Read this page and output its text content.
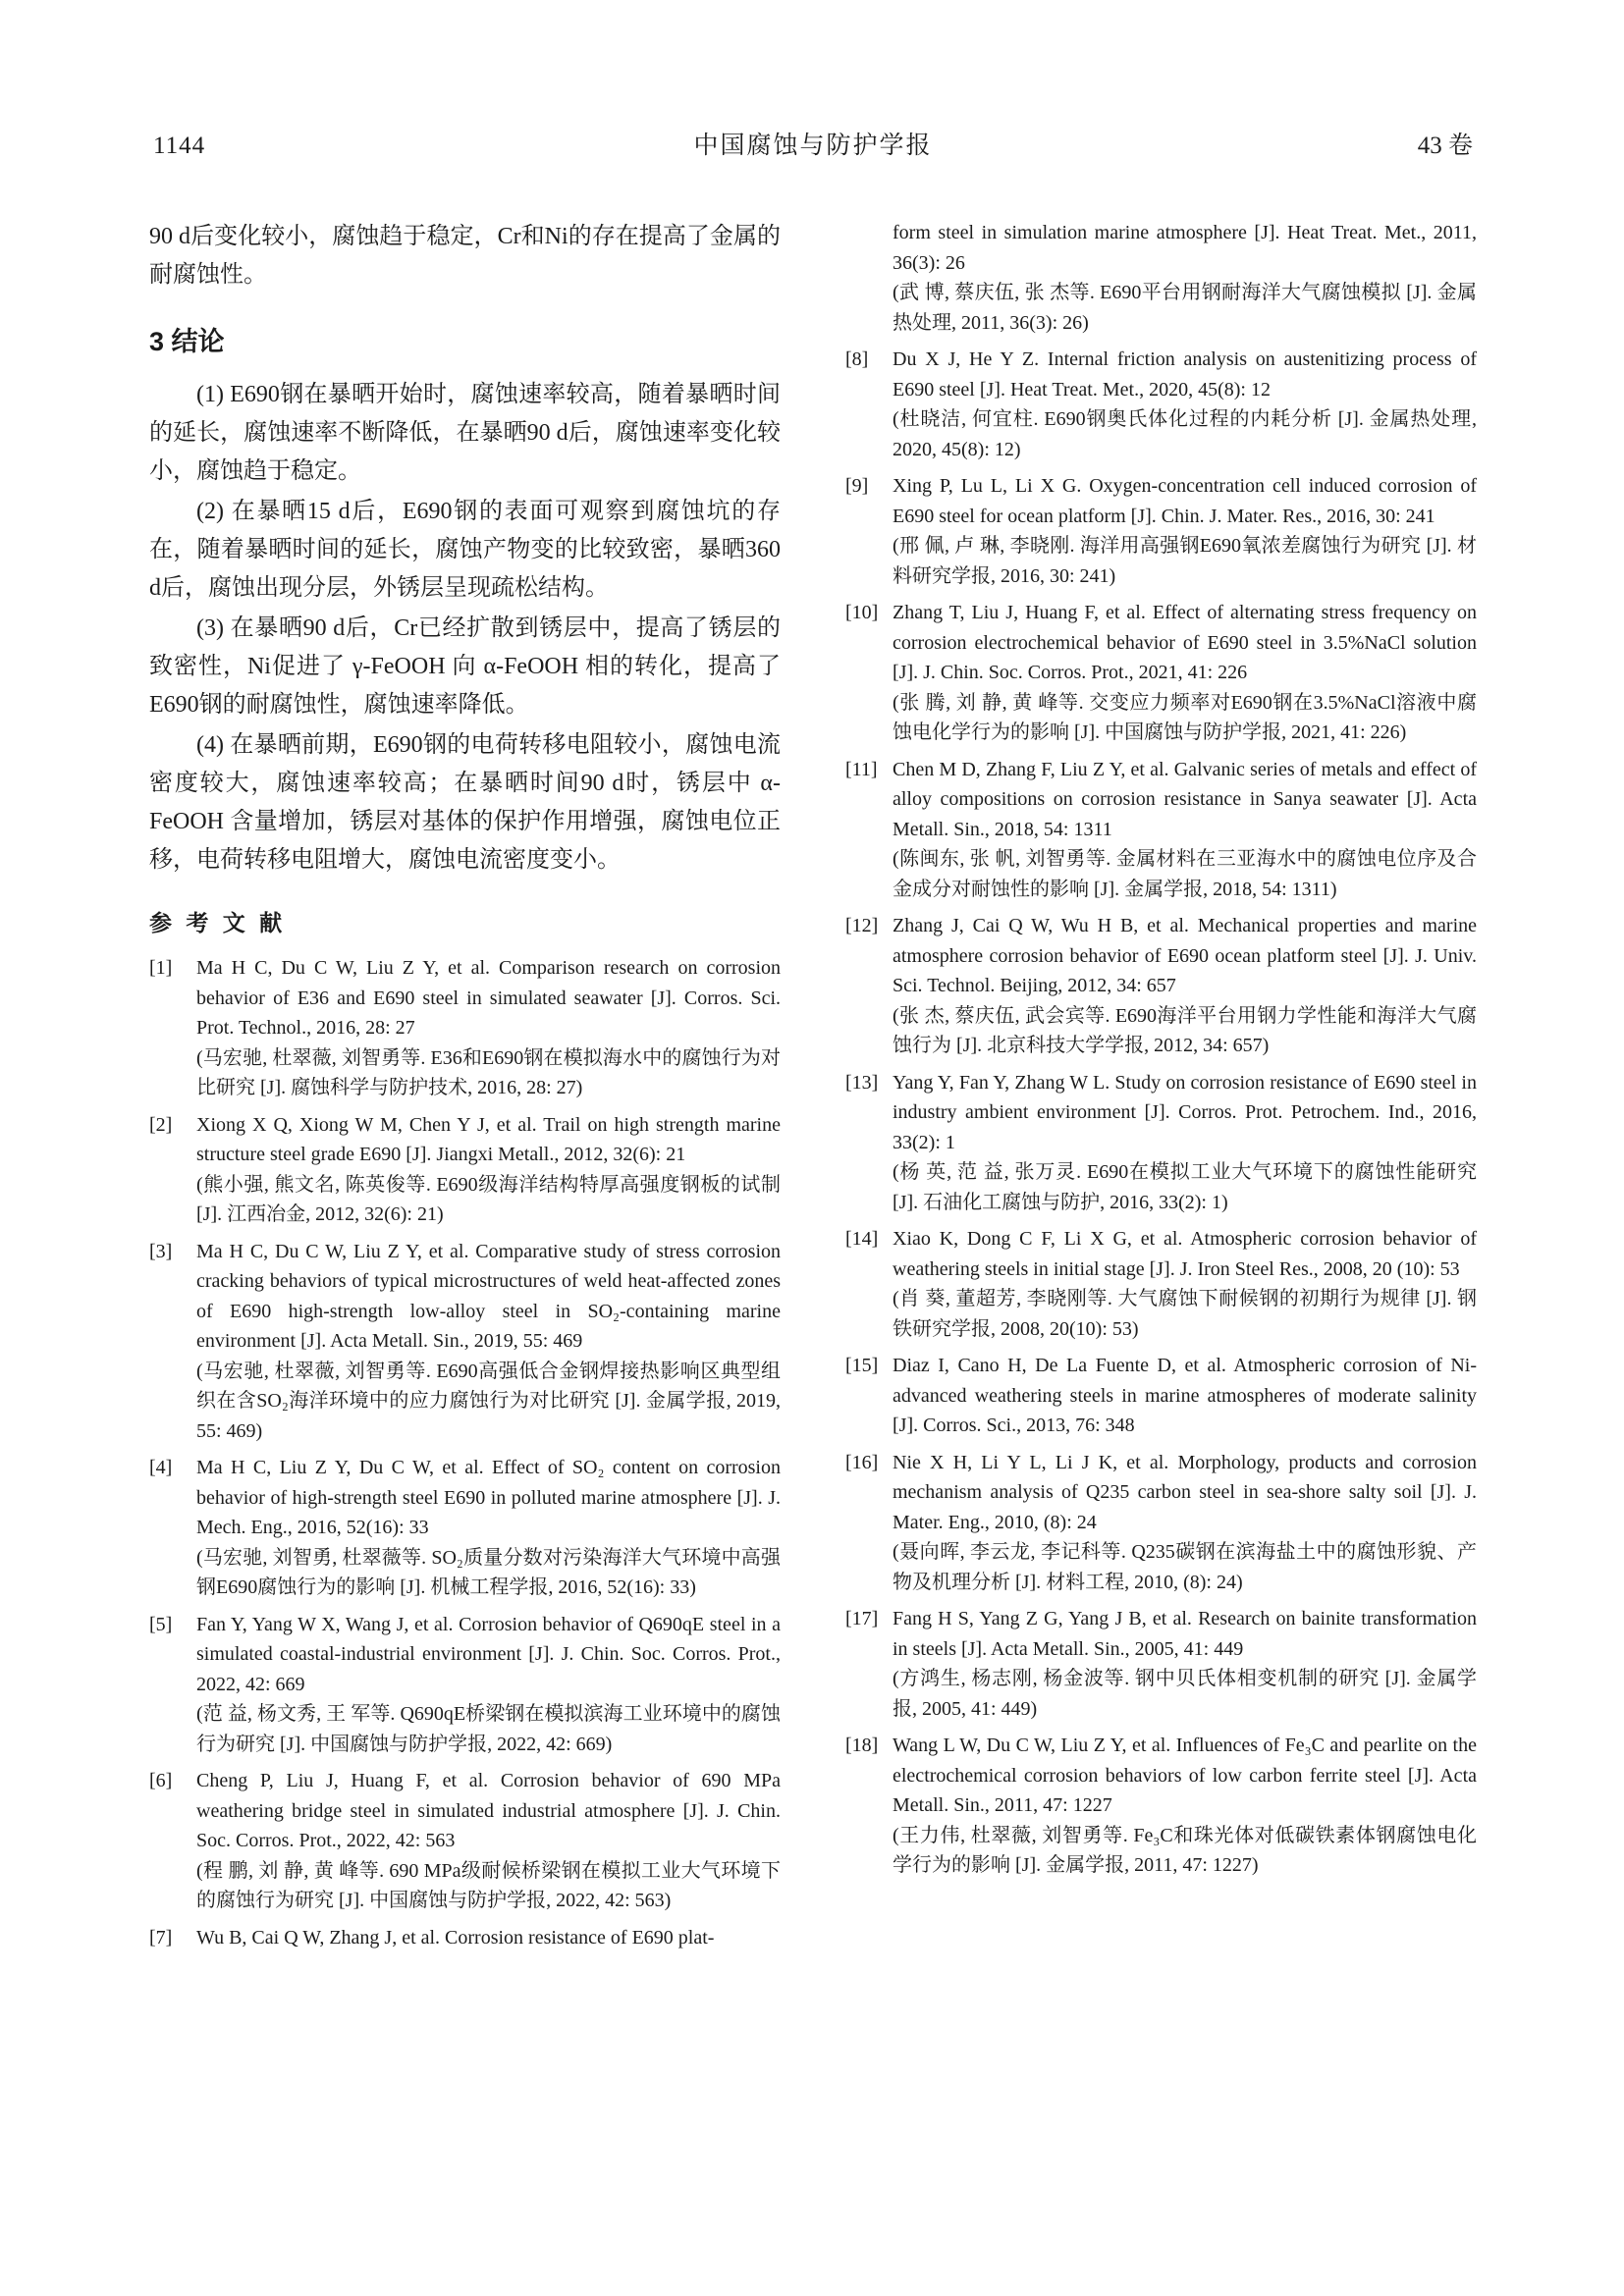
1144	中国腐蚀与防护学报	43 卷

90 d后变化较小，腐蚀趋于稳定，Cr和Ni的存在提高了金属的耐腐蚀性。

3 结论

(1) E690钢在暴晒开始时，腐蚀速率较高，随着暴晒时间的延长，腐蚀速率不断降低，在暴晒90 d后，腐蚀速率变化较小，腐蚀趋于稳定。

(2) 在暴晒15 d后，E690钢的表面可观察到腐蚀坑的存在，随着暴晒时间的延长，腐蚀产物变的比较致密，暴晒360 d后，腐蚀出现分层，外锈层呈现疏松结构。

(3) 在暴晒90 d后，Cr已经扩散到锈层中，提高了锈层的致密性，Ni促进了 γ-FeOOH 向 α-FeOOH 相的转化，提高了E690钢的耐腐蚀性，腐蚀速率降低。

(4) 在暴晒前期，E690钢的电荷转移电阻较小，腐蚀电流密度较大，腐蚀速率较高；在暴晒时间90 d时，锈层中 α-FeOOH 含量增加，锈层对基体的保护作用增强，腐蚀电位正移，电荷转移电阻增大，腐蚀电流密度变小。

参 考 文 献
[1]	Ma H C, Du C W, Liu Z Y, et al. Comparison research on corrosion behavior of E36 and E690 steel in simulated seawater [J]. Corros. Sci. Prot. Technol., 2016, 28: 27
(马宏驰, 杜翠薇, 刘智勇等. E36和E690钢在模拟海水中的腐蚀行为对比研究 [J]. 腐蚀科学与防护技术, 2016, 28: 27)
[2]	Xiong X Q, Xiong W M, Chen Y J, et al. Trail on high strength marine structure steel grade E690 [J]. Jiangxi Metall., 2012, 32(6): 21
(熊小强, 熊文名, 陈英俊等. E690级海洋结构特厚高强度钢板的试制 [J]. 江西冶金, 2012, 32(6): 21)
[3]	Ma H C, Du C W, Liu Z Y, et al. Comparative study of stress corrosion cracking behaviors of typical microstructures of weld heat-affected zones of E690 high-strength low-alloy steel in SO₂-containing marine environment [J]. Acta Metall. Sin., 2019, 55: 469
(马宏驰, 杜翠薇, 刘智勇等. E690高强低合金钢焊接热影响区典型组织在含SO₂海洋环境中的应力腐蚀行为对比研究 [J]. 金属学报, 2019, 55: 469)
[4]	Ma H C, Liu Z Y, Du C W, et al. Effect of SO₂ content on corrosion behavior of high-strength steel E690 in polluted marine atmosphere [J]. J. Mech. Eng., 2016, 52(16): 33
(马宏驰, 刘智勇, 杜翠薇等. SO₂质量分数对污染海洋大气环境中高强钢E690腐蚀行为的影响 [J]. 机械工程学报, 2016, 52(16): 33)
[5]	Fan Y, Yang W X, Wang J, et al. Corrosion behavior of Q690qE steel in a simulated coastal-industrial environment [J]. J. Chin. Soc. Corros. Prot., 2022, 42: 669
(范 益, 杨文秀, 王 军等. Q690qE桥梁钢在模拟滨海工业环境中的腐蚀行为研究 [J]. 中国腐蚀与防护学报, 2022, 42: 669)
[6]	Cheng P, Liu J, Huang F, et al. Corrosion behavior of 690 MPa weathering bridge steel in simulated industrial atmosphere [J]. J. Chin. Soc. Corros. Prot., 2022, 42: 563
(程 鹏, 刘 静, 黄 峰等. 690 MPa级耐候桥梁钢在模拟工业大气环境下的腐蚀行为研究 [J]. 中国腐蚀与防护学报, 2022, 42: 563)
[7]	Wu B, Cai Q W, Zhang J, et al. Corrosion resistance of E690 plat-
form steel in simulation marine atmosphere [J]. Heat Treat. Met., 2011, 36(3): 26
(武 博, 蔡庆伍, 张 杰等. E690平台用钢耐海洋大气腐蚀模拟 [J]. 金属热处理, 2011, 36(3): 26)
[8]	Du X J, He Y Z. Internal friction analysis on austenitizing process of E690 steel [J]. Heat Treat. Met., 2020, 45(8): 12
(杜晓洁, 何宜柱. E690钢奥氏体化过程的内耗分析 [J]. 金属热处理, 2020, 45(8): 12)
[9]	Xing P, Lu L, Li X G. Oxygen-concentration cell induced corrosion of E690 steel for ocean platform [J]. Chin. J. Mater. Res., 2016, 30: 241
(邢 佩, 卢 琳, 李晓刚. 海洋用高强钢E690氧浓差腐蚀行为研究 [J]. 材料研究学报, 2016, 30: 241)
[10] Zhang T, Liu J, Huang F, et al. Effect of alternating stress frequency on corrosion electrochemical behavior of E690 steel in 3.5%NaCl solution [J]. J. Chin. Soc. Corros. Prot., 2021, 41: 226
(张 腾, 刘 静, 黄 峰等. 交变应力频率对E690钢在3.5%NaCl溶液中腐蚀电化学行为的影响 [J]. 中国腐蚀与防护学报, 2021, 41: 226)
[11] Chen M D, Zhang F, Liu Z Y, et al. Galvanic series of metals and effect of alloy compositions on corrosion resistance in Sanya seawater [J]. Acta Metall. Sin., 2018, 54: 1311
(陈闽东, 张 帆, 刘智勇等. 金属材料在三亚海水中的腐蚀电位序及合金成分对耐蚀性的影响 [J]. 金属学报, 2018, 54: 1311)
[12] Zhang J, Cai Q W, Wu H B, et al. Mechanical properties and marine atmosphere corrosion behavior of E690 ocean platform steel [J]. J. Univ. Sci. Technol. Beijing, 2012, 34: 657
(张 杰, 蔡庆伍, 武会宾等. E690海洋平台用钢力学性能和海洋大气腐蚀行为 [J]. 北京科技大学学报, 2012, 34: 657)
[13] Yang Y, Fan Y, Zhang W L. Study on corrosion resistance of E690 steel in industry ambient environment [J]. Corros. Prot. Petrochem. Ind., 2016, 33(2): 1
(杨 英, 范 益, 张万灵. E690在模拟工业大气环境下的腐蚀性能研究 [J]. 石油化工腐蚀与防护, 2016, 33(2): 1)
[14] Xiao K, Dong C F, Li X G, et al. Atmospheric corrosion behavior of weathering steels in initial stage [J]. J. Iron Steel Res., 2008, 20 (10): 53
(肖 葵, 董超芳, 李晓刚等. 大气腐蚀下耐候钢的初期行为规律 [J]. 钢铁研究学报, 2008, 20(10): 53)
[15] Diaz I, Cano H, De La Fuente D, et al. Atmospheric corrosion of Ni-advanced weathering steels in marine atmospheres of moderate salinity [J]. Corros. Sci., 2013, 76: 348
[16] Nie X H, Li Y L, Li J K, et al. Morphology, products and corrosion mechanism analysis of Q235 carbon steel in sea-shore salty soil [J]. J. Mater. Eng., 2010, (8): 24
(聂向晖, 李云龙, 李记科等. Q235碳钢在滨海盐土中的腐蚀形貌、产物及机理分析 [J]. 材料工程, 2010, (8): 24)
[17] Fang H S, Yang Z G, Yang J B, et al. Research on bainite transformation in steels [J]. Acta Metall. Sin., 2005, 41: 449
(方鸿生, 杨志刚, 杨金波等. 钢中贝氏体相变机制的研究 [J]. 金属学报, 2005, 41: 449)
[18] Wang L W, Du C W, Liu Z Y, et al. Influences of Fe₃C and pearlite on the electrochemical corrosion behaviors of low carbon ferrite steel [J]. Acta Metall. Sin., 2011, 47: 1227
(王力伟, 杜翠薇, 刘智勇等. Fe₃C和珠光体对低碳铁素体钢腐蚀电化学行为的影响 [J]. 金属学报, 2011, 47: 1227)
